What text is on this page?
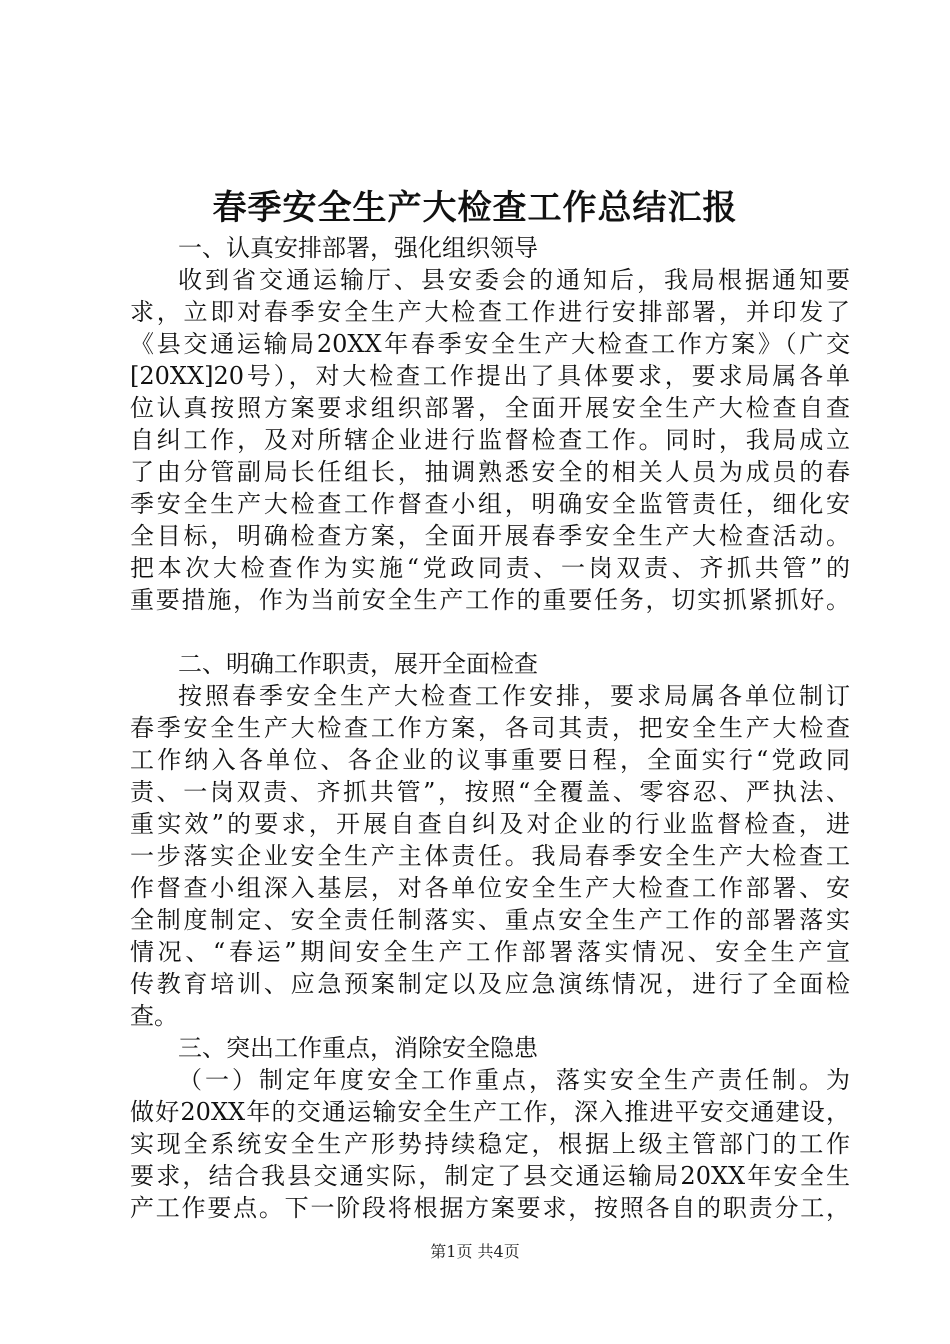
春季安全生产大检查工作总结汇报
一、认真安排部署，强化组织领导
收到省交通运输厅、县安委会的通知后，我局根据通知要
求，立即对春季安全生产大检查工作进行安排部署，并印发了
《县交通运输局20XX年春季安全生产大检查工作方案》（广交
[20XX]20号），对大检查工作提出了具体要求，要求局属各单
位认真按照方案要求组织部署，全面开展安全生产大检查自查
自纠工作，及对所辖企业进行监督检查工作。同时，我局成立
了由分管副局长任组长，抽调熟悉安全的相关人员为成员的春
季安全生产大检查工作督查小组，明确安全监管责任，细化安
全目标，明确检查方案，全面开展春季安全生产大检查活动。
把本次大检查作为实施“党政同责、一岗双责、齐抓共管”的
重要措施，作为当前安全生产工作的重要任务，切实抓紧抓好。
二、明确工作职责，展开全面检查
按照春季安全生产大检查工作安排，要求局属各单位制订
春季安全生产大检查工作方案，各司其责，把安全生产大检查
工作纳入各单位、各企业的议事重要日程，全面实行“党政同
责、一岗双责、齐抓共管”，按照“全覆盖、零容忍、严执法、
重实效”的要求，开展自查自纠及对企业的行业监督检查，进
一步落实企业安全生产主体责任。我局春季安全生产大检查工
作督查小组深入基层，对各单位安全生产大检查工作部署、安
全制度制定、安全责任制落实、重点安全生产工作的部署落实
情况、“春运”期间安全生产工作部署落实情况、安全生产宣
传教育培训、应急预案制定以及应急演练情况，进行了全面检
查。
三、突出工作重点，消除安全隐患
（一）制定年度安全工作重点，落实安全生产责任制。为
做好20XX年的交通运输安全生产工作，深入推进平安交通建设，
实现全系统安全生产形势持续稳定，根据上级主管部门的工作
要求，结合我县交通实际，制定了县交通运输局20XX年安全生
产工作要点。下一阶段将根据方案要求，按照各自的职责分工，
第1页 共4页
